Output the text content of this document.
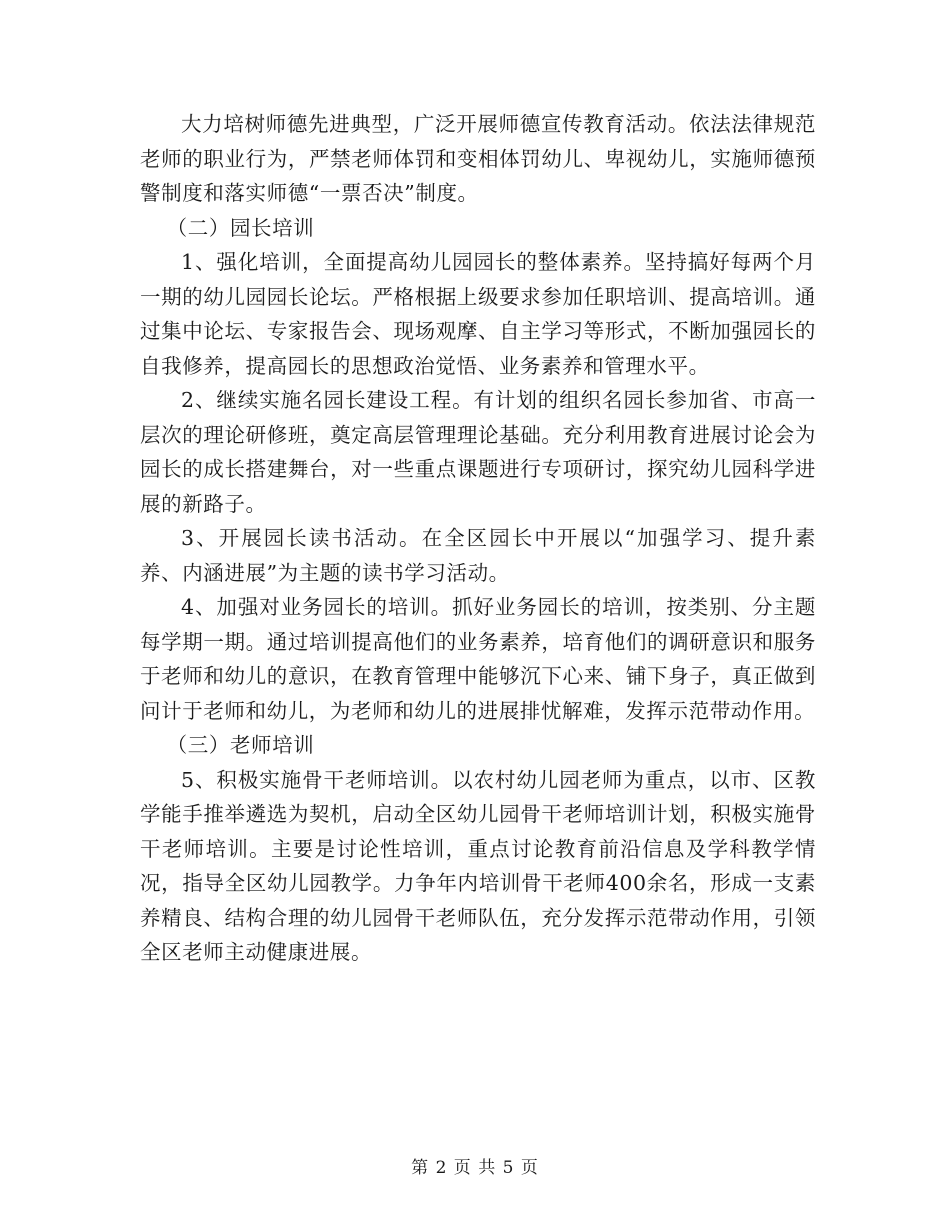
大力培树师德先进典型，广泛开展师德宣传教育活动。依法法律规范老师的职业行为，严禁老师体罚和变相体罚幼儿、卑视幼儿，实施师德预警制度和落实师德“一票否决”制度。

（二）园长培训

1、强化培训，全面提高幼儿园园长的整体素养。坚持搞好每两个月一期的幼儿园园长论坛。严格根据上级要求参加任职培训、提高培训。通过集中论坛、专家报告会、现场观摩、自主学习等形式，不断加强园长的自我修养，提高园长的思想政治觉悟、业务素养和管理水平。

2、继续实施名园长建设工程。有计划的组织名园长参加省、市高一层次的理论研修班，奠定高层管理理论基础。充分利用教育进展讨论会为园长的成长搭建舞台，对一些重点课题进行专项研讨，探究幼儿园科学进展的新路子。

3、开展园长读书活动。在全区园长中开展以“加强学习、提升素养、内涵进展”为主题的读书学习活动。

4、加强对业务园长的培训。抓好业务园长的培训，按类别、分主题每学期一期。通过培训提高他们的业务素养，培育他们的调研意识和服务于老师和幼儿的意识，在教育管理中能够沉下心来、铺下身子，真正做到问计于老师和幼儿，为老师和幼儿的进展排忧解难，发挥示范带动作用。

（三）老师培训

5、积极实施骨干老师培训。以农村幼儿园老师为重点，以市、区教学能手推举遴选为契机，启动全区幼儿园骨干老师培训计划，积极实施骨干老师培训。主要是讨论性培训，重点讨论教育前沿信息及学科教学情况，指导全区幼儿园教学。力争年内培训骨干老师400余名，形成一支素养精良、结构合理的幼儿园骨干老师队伍，充分发挥示范带动作用，引领全区老师主动健康进展。

第 2 页 共 5 页
